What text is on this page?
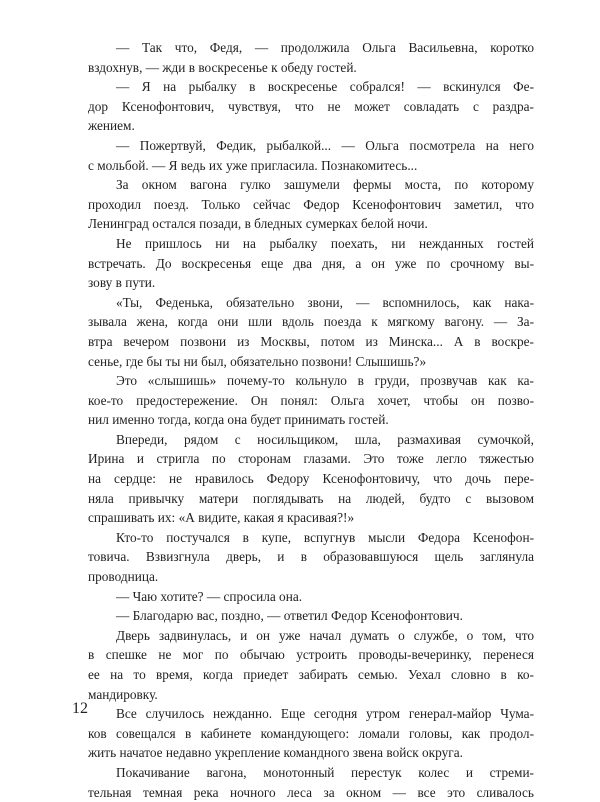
— Так что, Федя, — продолжила Ольга Васильевна, коротко
вздохнув, — жди в воскресенье к обеду гостей.
— Я на рыбалку в воскресенье собрался! — вскинулся Фе-
дор Ксенофонтович, чувствуя, что не может совладать с раздра-
жением.
— Пожертвуй, Федик, рыбалкой... — Ольга посмотрела на него
с мольбой. — Я ведь их уже пригласила. Познакомитесь...
За окном вагона гулко зашумели фермы моста, по которому
проходил поезд. Только сейчас Федор Ксенофонтович заметил, что
Ленинград остался позади, в бледных сумерках белой ночи.
Не пришлось ни на рыбалку поехать, ни нежданных гостей
встречать. До воскресенья еще два дня, а он уже по срочному вы-
зову в пути.
«Ты, Феденька, обязательно звони, — вспомнилось, как нака-
зывала жена, когда они шли вдоль поезда к мягкому вагону. — За-
втра вечером позвони из Москвы, потом из Минска... А в воскре-
сенье, где бы ты ни был, обязательно позвони! Слышишь?»
Это «слышишь» почему-то кольнуло в груди, прозвучав как ка-
кое-то предостережение. Он понял: Ольга хочет, чтобы он позво-
нил именно тогда, когда она будет принимать гостей.
Впереди, рядом с носильщиком, шла, размахивая сумочкой,
Ирина и стригла по сторонам глазами. Это тоже легло тяжестью
на сердце: не нравилось Федору Ксенофонтовичу, что дочь пере-
няла привычку матери поглядывать на людей, будто с вызовом
спрашивать их: «А видите, какая я красивая?!»
Кто-то постучался в купе, вспугнув мысли Федора Ксенофон-
товича. Взвизгнула дверь, и в образовавшуюся щель заглянула
проводница.
— Чаю хотите? — спросила она.
— Благодарю вас, поздно, — ответил Федор Ксенофонтович.
Дверь задвинулась, и он уже начал думать о службе, о том, что
в спешке не мог по обычаю устроить проводы-вечеринку, перенеся
ее на то время, когда приедет забирать семью. Уехал словно в ко-
мандировку.
Все случилось нежданно. Еще сегодня утром генерал-майор Чума-
ков совещался в кабинете командующего: ломали головы, как продол-
жить начатое недавно укрепление командного звена войск округа.
Покачивание вагона, монотонный перестук колес и стреми-
тельная темная река ночного леса за окном — все это сливалось
12
